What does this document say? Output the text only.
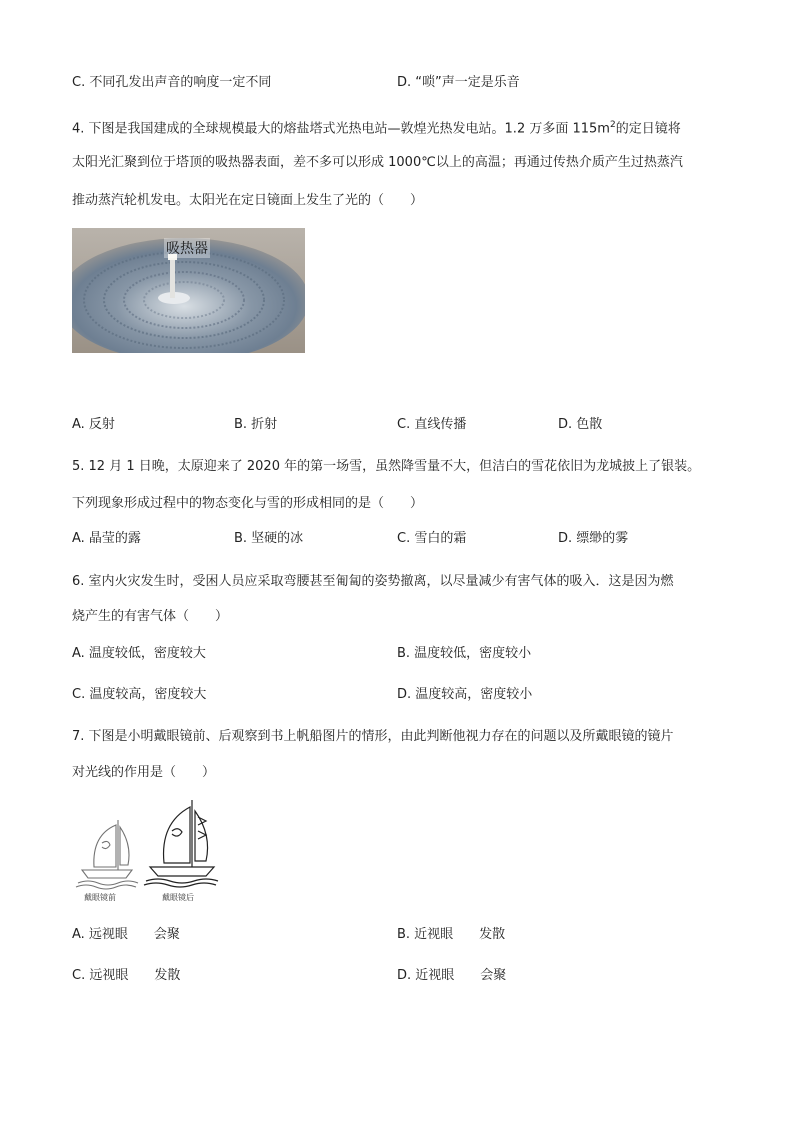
C. 不同孔发出声音的响度一定不同	D. “唢”声一定是乐音
4. 下图是我国建成的全球规模最大的熔盐塔式光热电站—敦煌光热发电站。1.2 万多面 $115m^2$的定日镜将
太阳光汇聚到位于塔顶的吸热器表面，差不多可以形成 1000℃以上的高温；再通过传热介质产生过热蒸汽
推动蒸汽轮机发电。太阳光在定日镜面上发生了光的（　　）
吸热器
A. 反射	B. 折射	C. 直线传播	D. 色散
5. 12 月 1 日晚，太原迎来了 2020 年的第一场雪，虽然降雪量不大，但洁白的雪花依旧为龙城披上了银装。
下列现象形成过程中的物态变化与雪的形成相同的是（　　）
A. 晶莹的露	B. 坚硬的冰	C. 雪白的霜	D. 缥缈的雾
6. 室内火灾发生时，受困人员应采取弯腰甚至匍匐的姿势撤离，以尽量减少有害气体的吸入．这是因为燃
烧产生的有害气体（　　）
A. 温度较低，密度较大	B. 温度较低，密度较小
C. 温度较高，密度较大	D. 温度较高，密度较小
7. 下图是小明戴眼镜前、后观察到书上帆船图片的情形，由此判断他视力存在的问题以及所戴眼镜的镜片
对光线的作用是（　　）
戴眼镜前	戴眼镜后
A. 远视眼　　会聚	B. 近视眼　　发散
C. 远视眼　　发散	D. 近视眼　　会聚
